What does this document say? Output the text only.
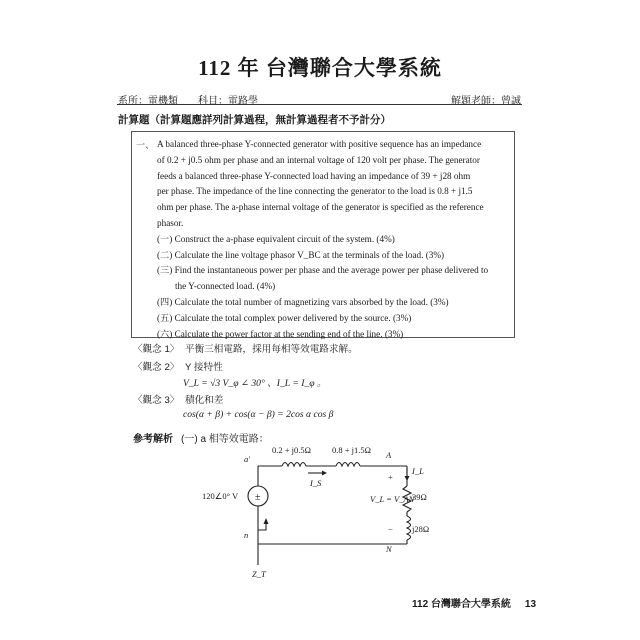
112 年 台灣聯合大學系統
系所：電機類 科目：電路學	解題老師：曾誠
計算題（計算題應詳列計算過程，無計算過程者不予計分）
一、 A balanced three-phase Y-connected generator with positive sequence has an impedance

of 0.2 + j0.5 ohm per phase and an internal voltage of 120 volt per phase. The generator

feeds a balanced three-phase Y-connected load having an impedance of 39 + j28 ohm

per phase. The impedance of the line connecting the generator to the load is 0.8 + j1.5

ohm per phase. The a-phase internal voltage of the generator is specified as the reference

phasor.

(一) Construct the a-phase equivalent circuit of the system. (4%)

(二) Calculate the line voltage phasor V_BC at the terminals of the load. (3%)

(三) Find the instantaneous power per phase and the average power per phase delivered to

the Y-connected load. (4%)

(四) Calculate the total number of magnetizing vars absorbed by the load. (3%)

(五) Calculate the total complex power delivered by the source. (3%)

(六) Calculate the power factor at the sending end of the line. (3%)

〈觀念 1〉 平衡三相電路，採用每相等效電路求解。
〈觀念 2〉 Y 接特性
V_L = √3 V_φ ∠ 30° 、I_L = I_φ 。
〈觀念 3〉 積化和差
cos(α + β) + cos(α − β) = 2cos α cos β
參考解析 (一) a 相等效電路：
±
0.2 + j0.5Ω 0.8 + j1.5Ω
a′	A
n
N
120∠0° V
+
−
V_L = V_AN
39Ω
j28Ω
I_S
I_L
Z_T
112 台灣聯合大學系統 13
